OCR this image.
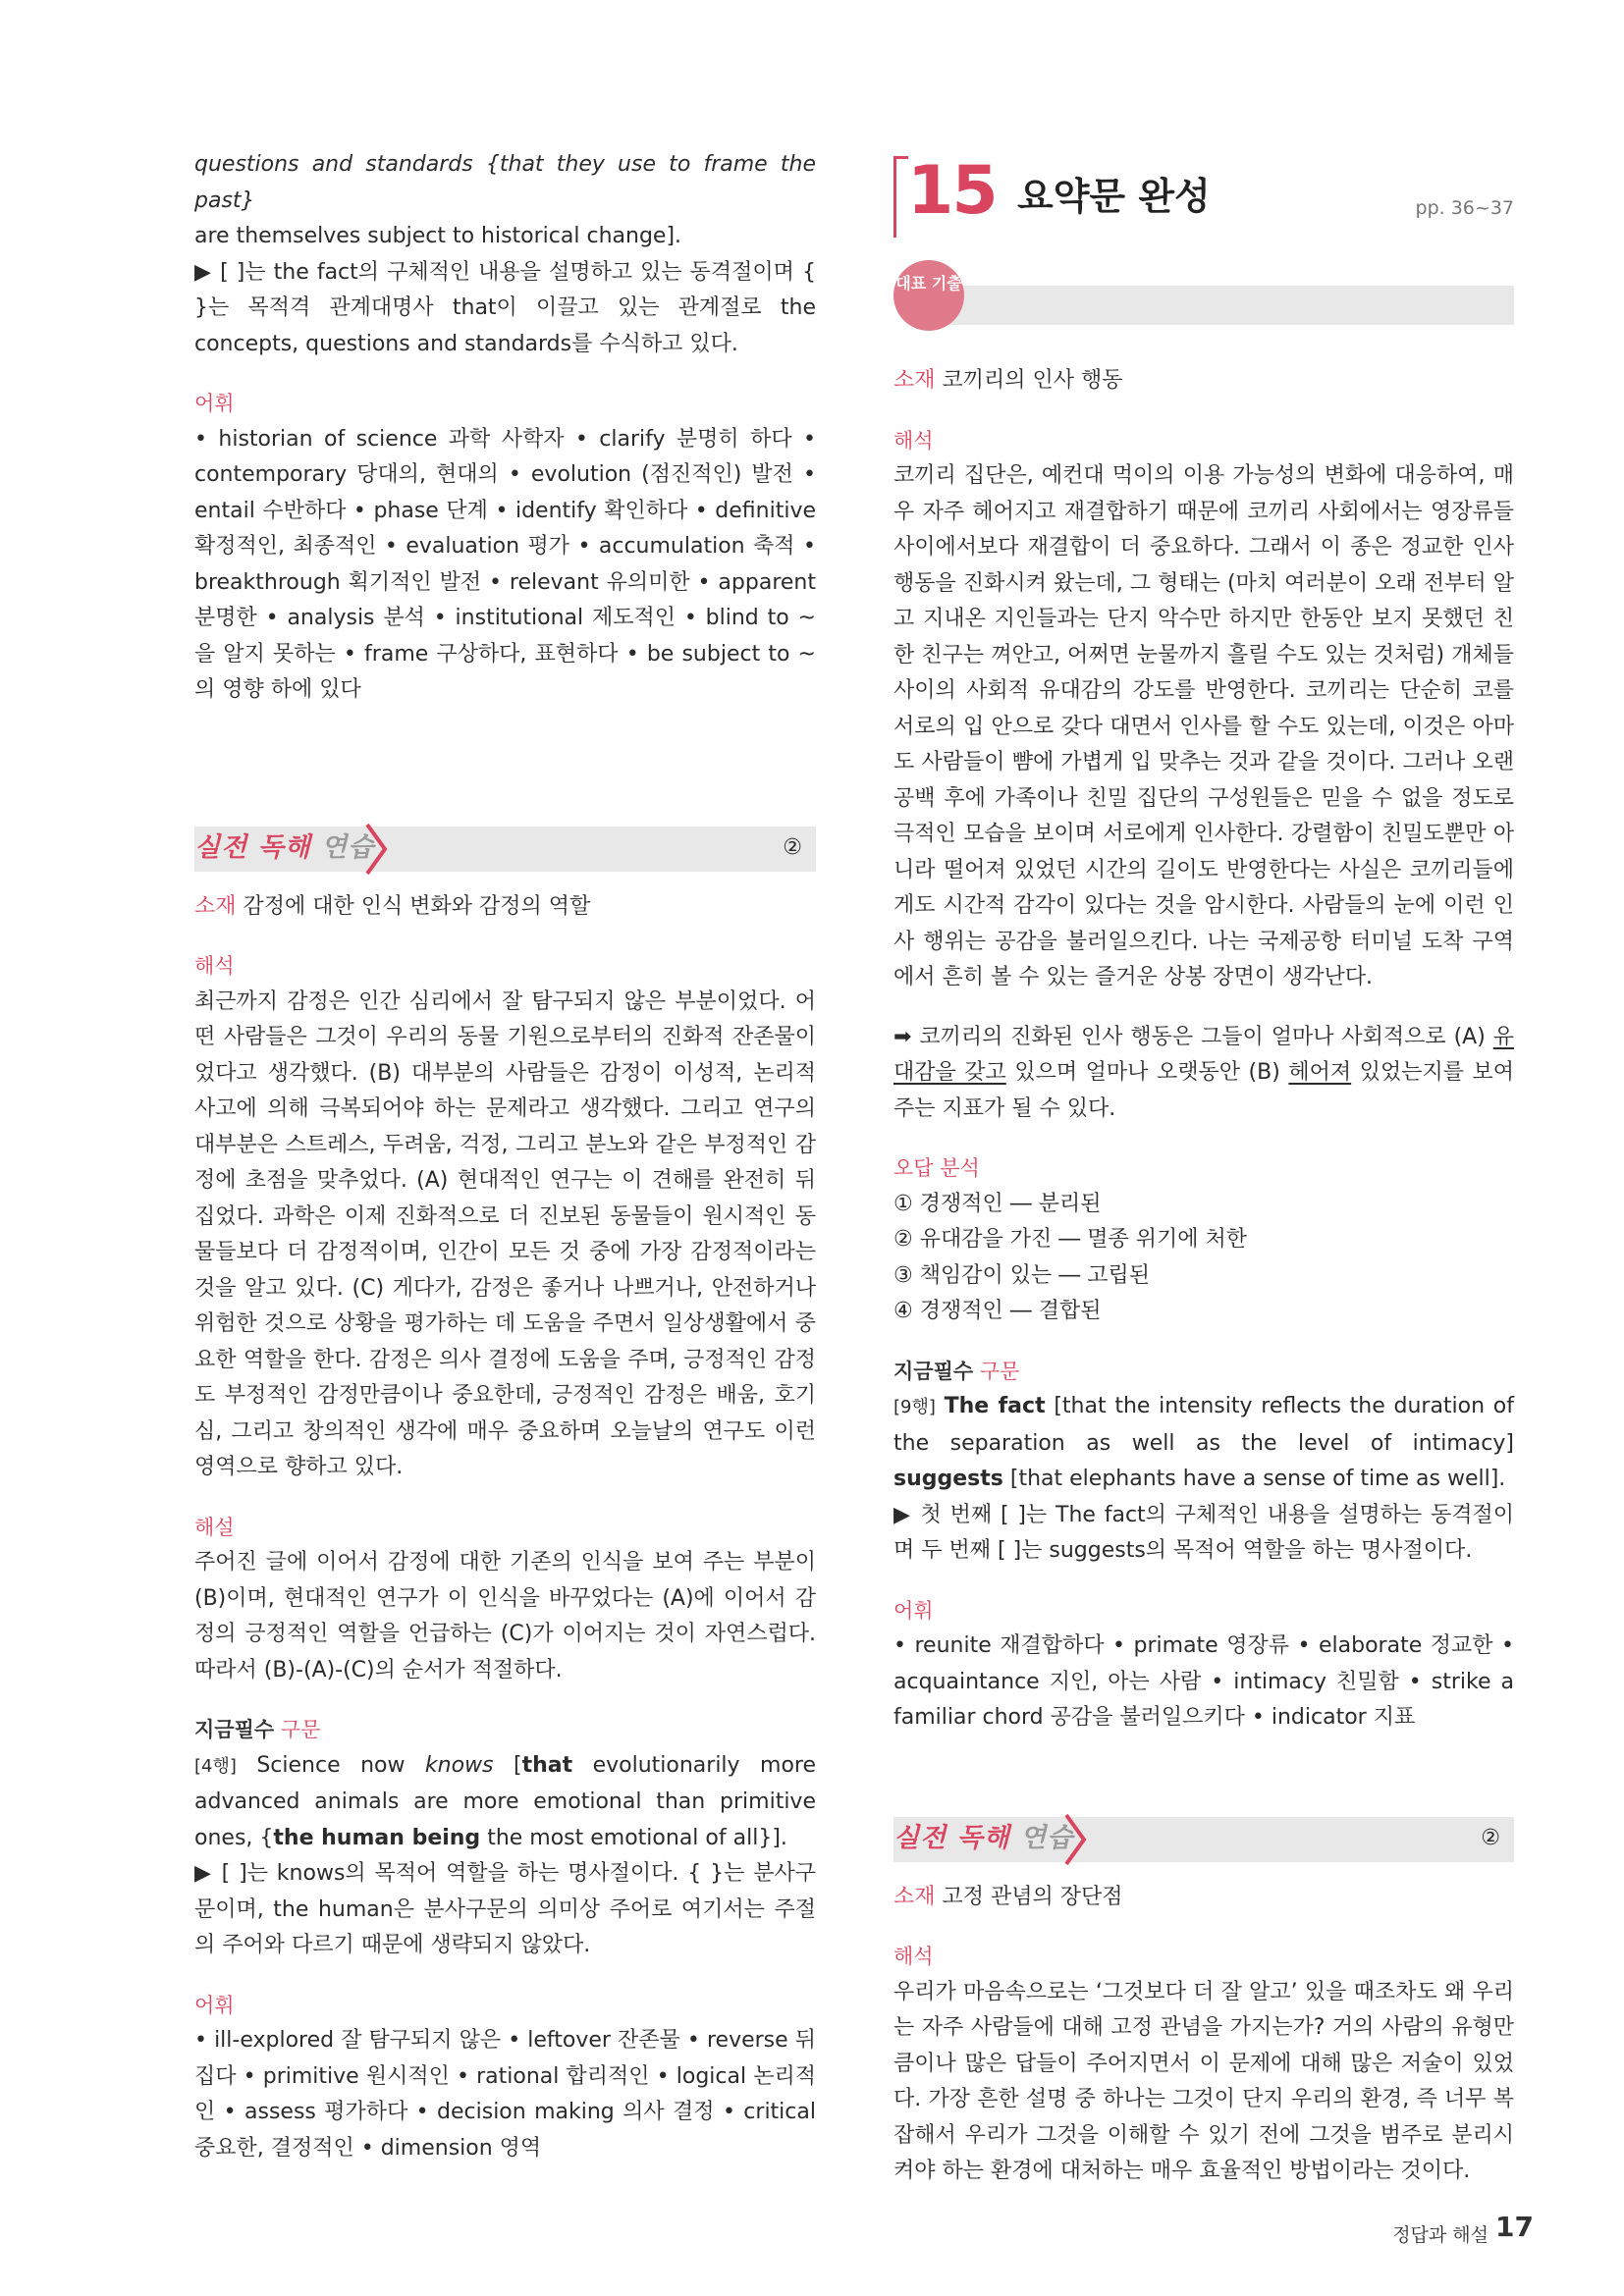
questions and standards {that they use to frame the past}

are themselves subject to historical change].

▶ [ ]는 the fact의 구체적인 내용을 설명하고 있는 동격절이며 { }는 목적격 관계대명사 that이 이끌고 있는 관계절로 the concepts, questions and standards를 수식하고 있다.

어휘

• historian of science 과학 사학자 • clarify 분명히 하다 • contemporary 당대의, 현대의 • evolution (점진적인) 발전 • entail 수반하다 • phase 단계 • identify 확인하다 • definitive 확정적인, 최종적인 • evaluation 평가 • accumulation 축적 • breakthrough 획기적인 발전 • relevant 유의미한 • apparent 분명한 • analysis 분석 • institutional 제도적인 • blind to ~을 알지 못하는 • frame 구상하다, 표현하다 • be subject to ~의 영향 하에 있다

실전 독해 연습	②

소재 감정에 대한 인식 변화와 감정의 역할

해석

최근까지 감정은 인간 심리에서 잘 탐구되지 않은 부분이었다. 어떤 사람들은 그것이 우리의 동물 기원으로부터의 진화적 잔존물이었다고 생각했다. (B) 대부분의 사람들은 감정이 이성적, 논리적 사고에 의해 극복되어야 하는 문제라고 생각했다. 그리고 연구의 대부분은 스트레스, 두려움, 걱정, 그리고 분노와 같은 부정적인 감정에 초점을 맞추었다. (A) 현대적인 연구는 이 견해를 완전히 뒤집었다. 과학은 이제 진화적으로 더 진보된 동물들이 원시적인 동물들보다 더 감정적이며, 인간이 모든 것 중에 가장 감정적이라는 것을 알고 있다. (C) 게다가, 감정은 좋거나 나쁘거나, 안전하거나 위험한 것으로 상황을 평가하는 데 도움을 주면서 일상생활에서 중요한 역할을 한다. 감정은 의사 결정에 도움을 주며, 긍정적인 감정도 부정적인 감정만큼이나 중요한데, 긍정적인 감정은 배움, 호기심, 그리고 창의적인 생각에 매우 중요하며 오늘날의 연구도 이런 영역으로 향하고 있다.

해설

주어진 글에 이어서 감정에 대한 기존의 인식을 보여 주는 부분이 (B)이며, 현대적인 연구가 이 인식을 바꾸었다는 (A)에 이어서 감정의 긍정적인 역할을 언급하는 (C)가 이어지는 것이 자연스럽다. 따라서 (B)-(A)-(C)의 순서가 적절하다.

지금필수 구문

[4행] Science now knows [that evolutionarily more advanced animals are more emotional than primitive ones, {the human being the most emotional of all}].

▶ [ ]는 knows의 목적어 역할을 하는 명사절이다. { }는 분사구문이며, the human은 분사구문의 의미상 주어로 여기서는 주절의 주어와 다르기 때문에 생략되지 않았다.

어휘

• ill-explored 잘 탐구되지 않은 • leftover 잔존물 • reverse 뒤집다 • primitive 원시적인 • rational 합리적인 • logical 논리적인 • assess 평가하다 • decision making 의사 결정 • critical 중요한, 결정적인 • dimension 영역

15 요약문 완성	pp. 36~37
대표 기출

소재 코끼리의 인사 행동

해석

코끼리 집단은, 예컨대 먹이의 이용 가능성의 변화에 대응하여, 매우 자주 헤어지고 재결합하기 때문에 코끼리 사회에서는 영장류들 사이에서보다 재결합이 더 중요하다. 그래서 이 종은 정교한 인사 행동을 진화시켜 왔는데, 그 형태는 (마치 여러분이 오래 전부터 알고 지내온 지인들과는 단지 악수만 하지만 한동안 보지 못했던 친한 친구는 껴안고, 어쩌면 눈물까지 흘릴 수도 있는 것처럼) 개체들 사이의 사회적 유대감의 강도를 반영한다. 코끼리는 단순히 코를 서로의 입 안으로 갖다 대면서 인사를 할 수도 있는데, 이것은 아마도 사람들이 뺨에 가볍게 입 맞추는 것과 같을 것이다. 그러나 오랜 공백 후에 가족이나 친밀 집단의 구성원들은 믿을 수 없을 정도로 극적인 모습을 보이며 서로에게 인사한다. 강렬함이 친밀도뿐만 아니라 떨어져 있었던 시간의 길이도 반영한다는 사실은 코끼리들에게도 시간적 감각이 있다는 것을 암시한다. 사람들의 눈에 이런 인사 행위는 공감을 불러일으킨다. 나는 국제공항 터미널 도착 구역에서 흔히 볼 수 있는 즐거운 상봉 장면이 생각난다.

➡ 코끼리의 진화된 인사 행동은 그들이 얼마나 사회적으로 (A) 유대감을 갖고 있으며 얼마나 오랫동안 (B) 헤어져 있었는지를 보여 주는 지표가 될 수 있다.

오답 분석

① 경쟁적인 ― 분리된

② 유대감을 가진 ― 멸종 위기에 처한

③ 책임감이 있는 ― 고립된

④ 경쟁적인 ― 결합된

지금필수 구문

[9행] The fact [that the intensity reflects the duration of the separation as well as the level of intimacy] suggests [that elephants have a sense of time as well].

▶ 첫 번째 [ ]는 The fact의 구체적인 내용을 설명하는 동격절이며 두 번째 [ ]는 suggests의 목적어 역할을 하는 명사절이다.

어휘

• reunite 재결합하다 • primate 영장류 • elaborate 정교한 • acquaintance 지인, 아는 사람 • intimacy 친밀함 • strike a familiar chord 공감을 불러일으키다 • indicator 지표

실전 독해 연습	②

소재 고정 관념의 장단점

해석

우리가 마음속으로는 ‘그것보다 더 잘 알고’ 있을 때조차도 왜 우리는 자주 사람들에 대해 고정 관념을 가지는가? 거의 사람의 유형만큼이나 많은 답들이 주어지면서 이 문제에 대해 많은 저술이 있었다. 가장 흔한 설명 중 하나는 그것이 단지 우리의 환경, 즉 너무 복잡해서 우리가 그것을 이해할 수 있기 전에 그것을 범주로 분리시켜야 하는 환경에 대처하는 매우 효율적인 방법이라는 것이다.

정답과 해설 17
